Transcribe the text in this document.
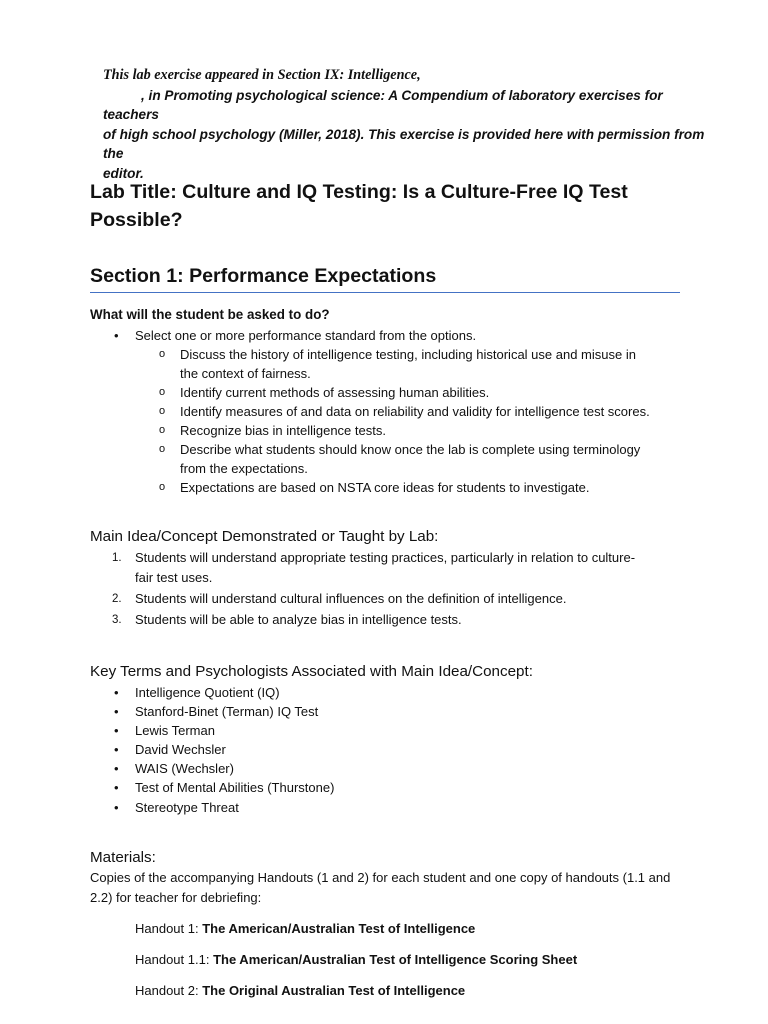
This lab exercise appeared in Section IX: Intelligence,
, in Promoting psychological science: A Compendium of laboratory exercises for teachers
of high school psychology (Miller, 2018). This exercise is provided here with permission from the
editor.
Lab Title: Culture and IQ Testing: Is a Culture-Free IQ Test Possible?
Section 1: Performance Expectations
What will the student be asked to do?
• Select one or more performance standard from the options.
o Discuss the history of intelligence testing, including historical use and misuse in the context of fairness.
o Identify current methods of assessing human abilities.
o Identify measures of and data on reliability and validity for intelligence test scores.
o Recognize bias in intelligence tests.
o Describe what students should know once the lab is complete using terminology from the expectations.
o Expectations are based on NSTA core ideas for students to investigate.
Main Idea/Concept Demonstrated or Taught by Lab:
1. Students will understand appropriate testing practices, particularly in relation to culture-fair test uses.
2. Students will understand cultural influences on the definition of intelligence.
3. Students will be able to analyze bias in intelligence tests.
Key Terms and Psychologists Associated with Main Idea/Concept:
• Intelligence Quotient (IQ)
• Stanford-Binet (Terman) IQ Test
• Lewis Terman
• David Wechsler
• WAIS (Wechsler)
• Test of Mental Abilities (Thurstone)
• Stereotype Threat
Materials:

Copies of the accompanying Handouts (1 and 2) for each student and one copy of handouts (1.1 and 2.2) for teacher for debriefing:

Handout 1: The American/Australian Test of Intelligence

Handout 1.1: The American/Australian Test of Intelligence Scoring Sheet

Handout 2: The Original Australian Test of Intelligence
